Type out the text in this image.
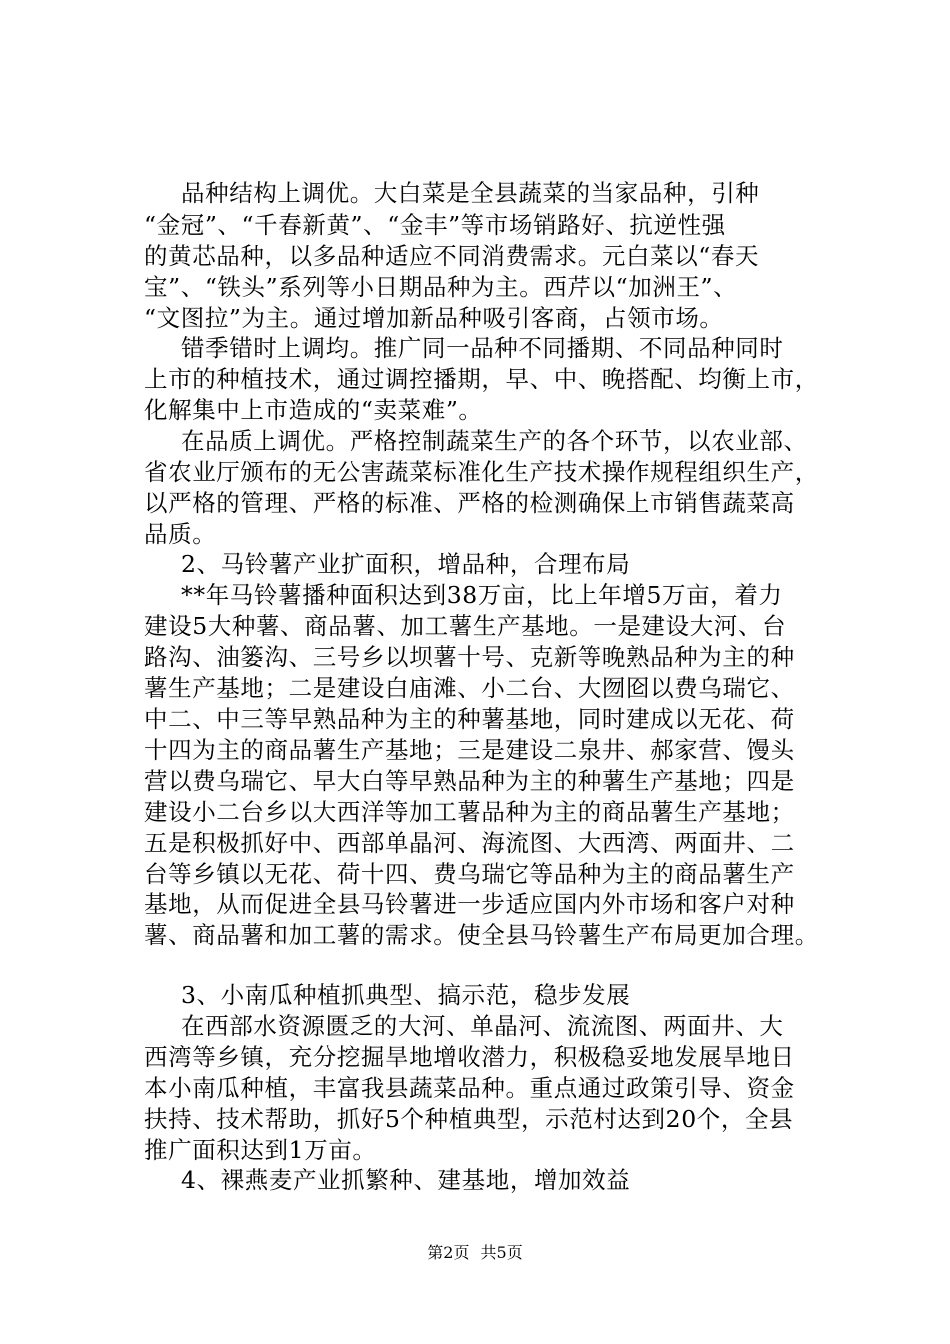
品种结构上调优。大白菜是全县蔬菜的当家品种，引种
“金冠”、“千春新黄”、“金丰”等市场销路好、抗逆性强
的黄芯品种，以多品种适应不同消费需求。元白菜以“春天
宝”、“铁头”系列等小日期品种为主。西芹以“加洲王”、
“文图拉”为主。通过增加新品种吸引客商，占领市场。
错季错时上调均。推广同一品种不同播期、不同品种同时
上市的种植技术，通过调控播期，早、中、晚搭配、均衡上市，
化解集中上市造成的“卖菜难”。
在品质上调优。严格控制蔬菜生产的各个环节，以农业部、
省农业厅颁布的无公害蔬菜标准化生产技术操作规程组织生产，
以严格的管理、严格的标准、严格的检测确保上市销售蔬菜高
品质。
2、马铃薯产业扩面积，增品种，合理布局
**年马铃薯播种面积达到38万亩，比上年增5万亩，着力
建设5大种薯、商品薯、加工薯生产基地。一是建设大河、台
路沟、油篓沟、三号乡以坝薯十号、克新等晚熟品种为主的种
薯生产基地；二是建设白庙滩、小二台、大囫囵以费乌瑞它、
中二、中三等早熟品种为主的种薯基地，同时建成以无花、荷
十四为主的商品薯生产基地；三是建设二泉井、郝家营、馒头
营以费乌瑞它、早大白等早熟品种为主的种薯生产基地；四是
建设小二台乡以大西洋等加工薯品种为主的商品薯生产基地；
五是积极抓好中、西部单晶河、海流图、大西湾、两面井、二
台等乡镇以无花、荷十四、费乌瑞它等品种为主的商品薯生产
基地，从而促进全县马铃薯进一步适应国内外市场和客户对种
薯、商品薯和加工薯的需求。使全县马铃薯生产布局更加合理。
3、小南瓜种植抓典型、搞示范，稳步发展
在西部水资源匮乏的大河、单晶河、流流图、两面井、大
西湾等乡镇，充分挖掘旱地增收潜力，积极稳妥地发展旱地日
本小南瓜种植，丰富我县蔬菜品种。重点通过政策引导、资金
扶持、技术帮助，抓好5个种植典型，示范村达到20个，全县
推广面积达到1万亩。
4、裸燕麦产业抓繁种、建基地，增加效益
第2页 共5页
